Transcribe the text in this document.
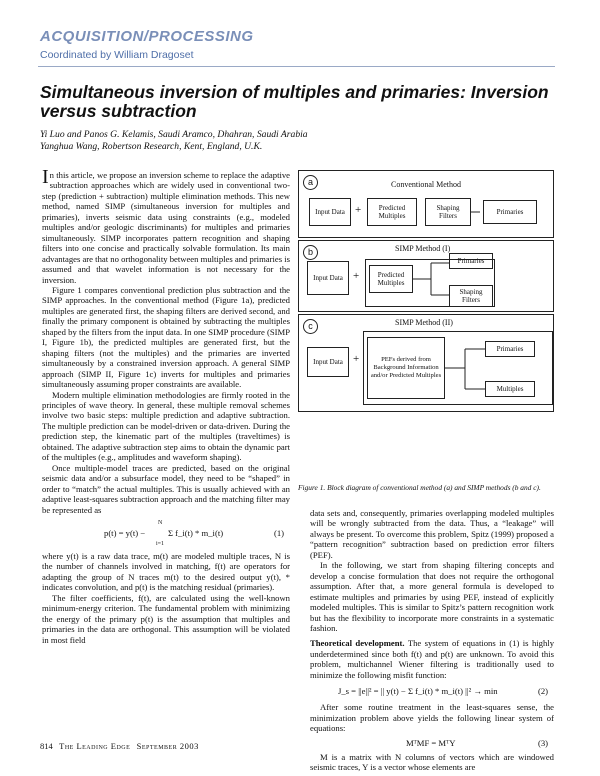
ACQUISITION/PROCESSING
Coordinated by William Dragoset
Simultaneous inversion of multiples and primaries: Inversion versus subtraction
Yi Luo and Panos G. Kelamis, Saudi Aramco, Dhahran, Saudi Arabia
Yanghua Wang, Robertson Research, Kent, England, U.K.

In this article, we propose an inversion scheme to replace the adaptive subtraction approaches which are widely used in conventional two-step (prediction + subtraction) multiple elimination methods. This new method, named SIMP (simultaneous inversion for multiples and primaries), inverts seismic data using constraints (e.g., modeled multiples and/or geologic discriminants) for multiples and primaries simultaneously. SIMP incorporates pattern recognition and shaping filters into one concise and practically solvable formulation. Its main advantages are that no orthogonality between multiples and primaries is assumed and that wavelet information is not necessary for the inversion.

Figure 1 compares conventional prediction plus subtraction and the SIMP approaches. In the conventional method (Figure 1a), predicted multiples are generated first, the shaping filters are derived second, and finally the primary component is obtained by subtracting the multiples shaped by the filters from the input data. In one SIMP procedure (SIMP I, Figure 1b), the predicted multiples are generated first, but the shaping filters (not the multiples) and the primaries are inverted simultaneously by a constrained inversion approach. A general SIMP approach (SIMP II, Figure 1c) inverts for multiples and primaries simultaneously assuming proper constraints are available.

Modern multiple elimination methodologies are firmly rooted in the principles of wave theory. In general, these multiple removal schemes involve two basic steps: multiple prediction and adaptive subtraction. The multiple prediction can be model-driven or data-driven. During the prediction step, the kinematic part of the multiples (traveltimes) is obtained. The adaptive subtraction step aims to obtain the dynamic part of the multiples (e.g., amplitudes and waveform shaping).

Once multiple-model traces are predicted, based on the original seismic data and/or a subsurface model, they need to be “shaped” in order to “match” the actual multiples. This is usually achieved with an adaptive least-squares subtraction approach and the matching filter may be represented as

p(t) = y(t) −
N
i=1
Σ f_i(t) * m_i(t)	(1)

where y(t) is a raw data trace, m(t) are modeled multiple traces, N is the number of channels involved in matching, f(t) are operators for adapting the group of N traces m(t) to the desired output y(t), * indicates convolution, and p(t) is the matching residual (primaries).

The filter coefficients, f(t), are calculated using the well-known minimum-energy criterion. The fundamental problem with minimizing the energy of the primary p(t) is the assumption that multiples and primaries in the data are orthogonal. This assumption will be violated in most field

a	Conventional Method
Input Data +	Predicted Multiples
Shaping Filters	Primaries
b	SIMP Method (I)
Input Data +	Predicted Multiples
Primaries
Shaping Filters
c	SIMP Method (II)
Input Data +	PEFs derived from Background Information and/or Predicted Multiples
Primaries
Multiples
Figure 1. Block diagram of conventional method (a) and SIMP methods (b and c).

data sets and, consequently, primaries overlapping modeled multiples will be wrongly subtracted from the data. Thus, a “leakage” will always be present. To overcome this problem, Spitz (1999) proposed a “pattern recognition” subtraction based on prediction error filters (PEF).

In the following, we start from shaping filtering concepts and develop a concise formulation that does not require the orthogonal assumption. After that, a more general formula is developed to estimate multiples and primaries by using PEF, instead of explicitly modeled multiples. This is similar to Spitz’s pattern recognition work but has the flexibility to incorporate more constraints in a systematic fashion.

Theoretical development. The system of equations in (1) is highly underdetermined since both f(t) and p(t) are unknown. To avoid this problem, multichannel Wiener filtering is traditionally used to minimize the following misfit function:

J_s = ||e||² = || y(t) − Σ f_i(t) * m_i(t) ||² → min	(2)

After some routine treatment in the least-squares sense, the minimization problem above yields the following linear system of equations:

MᵀMF = MᵀY	(3)

M is a matrix with N columns of vectors which are windowed seismic traces, Y is a vector whose elements are

814 The Leading Edge September 2003
